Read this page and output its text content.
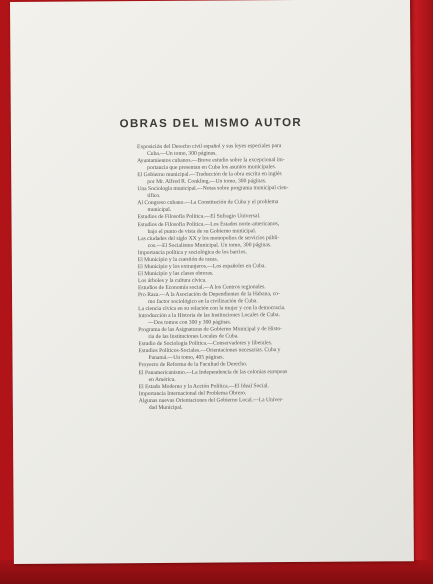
OBRAS DEL MISMO AUTOR
Exposición del Derecho civil español y sus leyes especiales para
Cuba.—Un tomo, 300 páginas.
Ayuntamientos cubanos.—Breve estudio sobre la excepcional im-
portancia que presentan en Cuba los asuntos municipales.
El Gobierno municipal.—Traducción de la obra escrita en inglés
por Mr. Alfred R. Conkling.—Un tomo, 300 páginas.
Una Sociología municipal.—Notas sobre programa municipal cien-
tífico.
Al Congreso cubano.—La Constitución de Cuba y el problema
municipal.
Estudios de Filosofía Política.—El Sufragio Universal.
Estudios de Filosofía Política.—Los Estados norte-americanos,
bajo el punto de vista de su Gobierno municipal.
Las ciudades del siglo XX y los monopolios de servicios públi-
cos.—El Socialismo Municipal. Un tomo, 300 páginas.
Importancia política y sociológica de los barrios.
El Municipio y la cuestión de razas.
El Municipio y los extranjeros.—Los españoles en Cuba.
El Municipio y las clases obreras.
Los árboles y la cultura cívica.
Estudios de Economía social.—A los Centros regionales.
Pro Raza.—A la Asociación de Dependientes de la Habana, co-
mo factor sociológico en la civilización de Cuba.
La ciencia cívica en su relación con la mujer y con la democracia.
Introducción a la Historia de las Instituciones Locales de Cuba.
—Dos tomos con 300 y 300 páginas.
Programa de las Asignaturas de Gobierno Municipal y de Histo-
ria de las Instituciones Locales de Cuba.
Estudio de Sociología Política.—Conservadores y liberales.
Estudios Políticos-Sociales.—Orientaciones necesarias. Cuba y
Panamá.—Un tomo, 405 páginas.
Proyecto de Reforma de la Facultad de Derecho.
El Panamericanismo.—La Independencia de las colonias europeas
en América.
El Estado Moderno y la Acción Política.—El Ideal Social.
Importancia Internacional del Problema Obrero.
Algunas nuevas Orientaciones del Gobierno Local.—La Univer-
dad Municipal.
